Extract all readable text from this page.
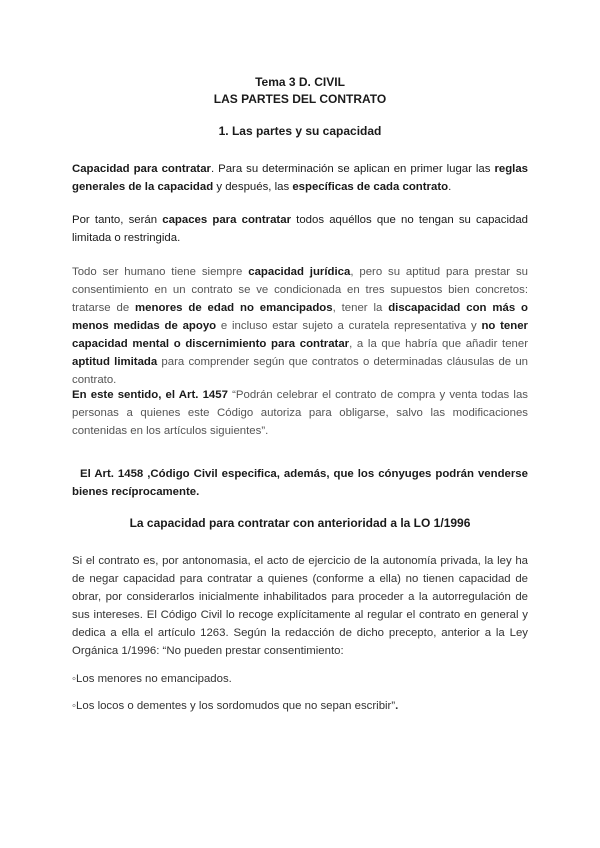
Tema 3 D. CIVIL
LAS PARTES DEL CONTRATO
1. Las partes y su capacidad
Capacidad para contratar. Para su determinación se aplican en primer lugar las reglas generales de la capacidad y después, las específicas de cada contrato.
Por tanto, serán capaces para contratar todos aquéllos que no tengan su capacidad limitada o restringida.
Todo ser humano tiene siempre capacidad jurídica, pero su aptitud para prestar su consentimiento en un contrato se ve condicionada en tres supuestos bien concretos: tratarse de menores de edad no emancipados, tener la discapacidad con más o menos medidas de apoyo e incluso estar sujeto a curatela representativa y no tener capacidad mental o discernimiento para contratar, a la que habría que añadir tener aptitud limitada para comprender según que contratos o determinadas cláusulas de un contrato.
En este sentido, el Art. 1457 “Podrán celebrar el contrato de compra y venta todas las personas a quienes este Código autoriza para obligarse, salvo las modificaciones contenidas en los artículos siguientes”.
El Art. 1458 ,Código Civil especifica, además, que los cónyuges podrán venderse bienes recíprocamente.
La capacidad para contratar con anterioridad a la LO 1/1996
Si el contrato es, por antonomasia, el acto de ejercicio de la autonomía privada, la ley ha de negar capacidad para contratar a quienes (conforme a ella) no tienen capacidad de obrar, por considerarlos inicialmente inhabilitados para proceder a la autorregulación de sus intereses. El Código Civil lo recoge explícitamente al regular el contrato en general y dedica a ella el artículo 1263. Según la redacción de dicho precepto, anterior a la Ley Orgánica 1/1996: “No pueden prestar consentimiento:
◦Los menores no emancipados.
◦Los locos o dementes y los sordomudos que no sepan escribir”.
